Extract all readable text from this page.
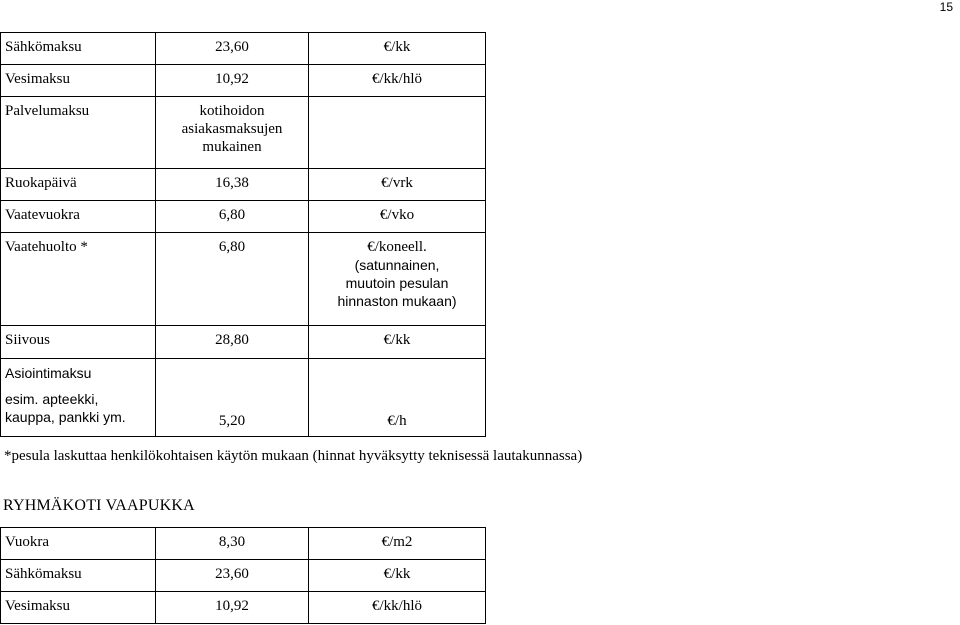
15
Sähkömaksu	23,60	€/kk
Vesimaksu	10,92	€/kk/hlö
Palvelumaksu	kotihoidon
asiakasmaksujen
mukainen	

Ruokapäivä	16,38	€/vrk
Vaatevuokra	6,80	€/vko
Vaatehuolto *	6,80	€/koneell.
(satunnainen,
muutoin pesulan
hinnaston mukaan)

Siivous	28,80	€/kk

Asiointimaksu
esim. apteekki,
kauppa, pankki ym.	5,20	€/h
*pesula laskuttaa henkilökohtaisen käytön mukaan (hinnat hyväksytty teknisessä lautakunnassa)
RYHMÄKOTI VAAPUKKA
Vuokra	8,30	€/m2
Sähkömaksu	23,60	€/kk
Vesimaksu	10,92	€/kk/hlö
